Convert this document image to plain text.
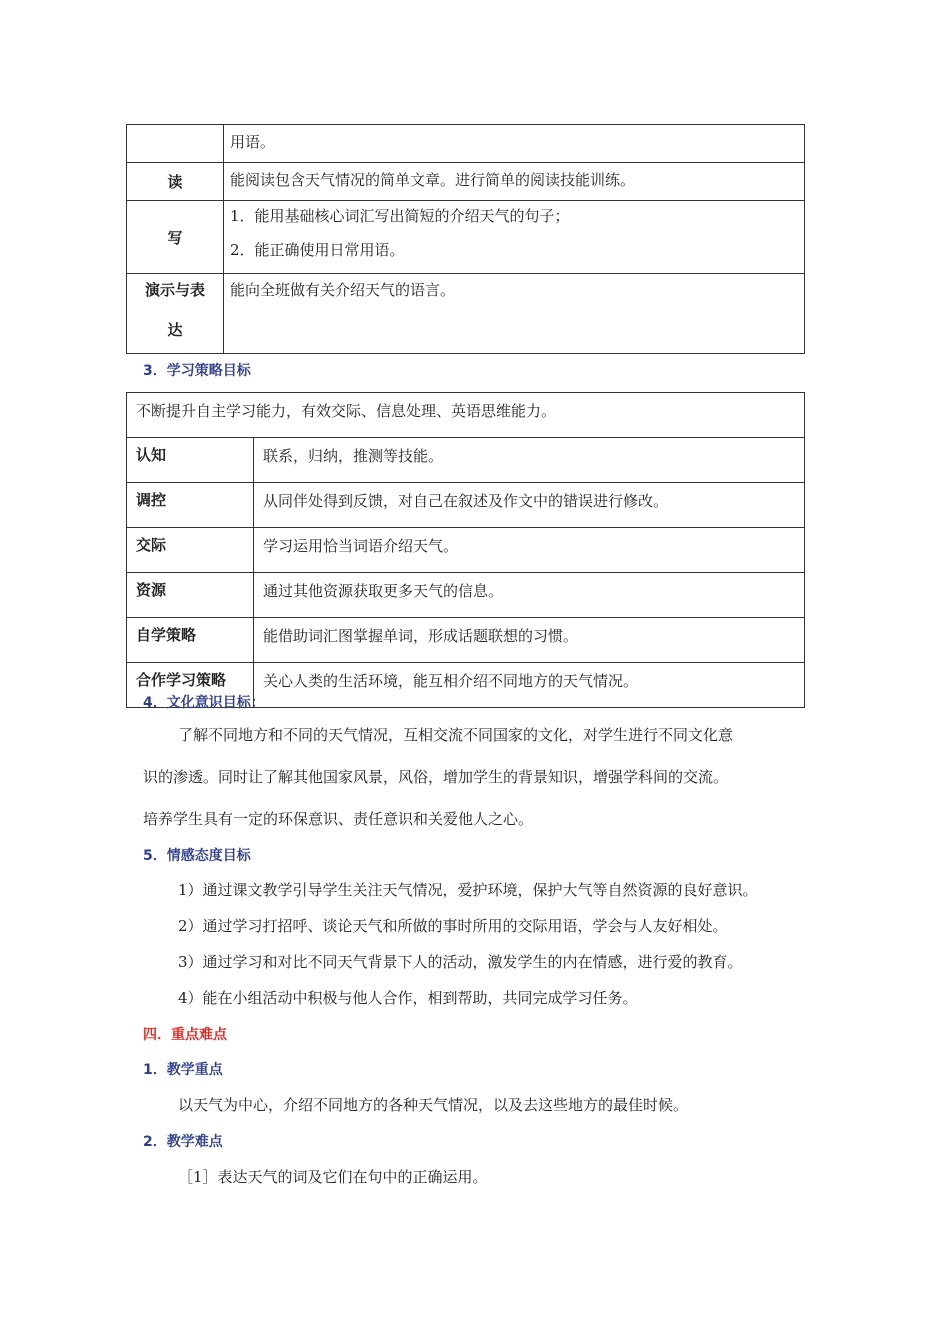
	用语。

读	能阅读包含天气情况的简单文章。进行简单的阅读技能训练。

写	1．能用基础核心词汇写出简短的介绍天气的句子；
2．能正确使用日常用语。

演示与表
达	能向全班做有关介绍天气的语言。
3．学习策略目标
不断提升自主学习能力，有效交际、信息处理、英语思维能力。	
认知	联系，归纳，推测等技能。
调控	从同伴处得到反馈，对自己在叙述及作文中的错误进行修改。
交际	学习运用恰当词语介绍天气。
资源	通过其他资源获取更多天气的信息。
自学策略	能借助词汇图掌握单词，形成话题联想的习惯。
合作学习策略	关心人类的生活环境，能互相介绍不同地方的天气情况。
4．文化意识目标：
了解不同地方和不同的天气情况，互相交流不同国家的文化，对学生进行不同文化意
识的渗透。同时让了解其他国家风景，风俗，增加学生的背景知识，增强学科间的交流。
培养学生具有一定的环保意识、责任意识和关爱他人之心。
5．情感态度目标
1）通过课文教学引导学生关注天气情况，爱护环境，保护大气等自然资源的良好意识。
2）通过学习打招呼、谈论天气和所做的事时所用的交际用语，学会与人友好相处。
3）通过学习和对比不同天气背景下人的活动，激发学生的内在情感，进行爱的教育。
4）能在小组活动中积极与他人合作，相到帮助，共同完成学习任务。
四．重点难点
1．教学重点
以天气为中心，介绍不同地方的各种天气情况，以及去这些地方的最佳时候。
2．教学难点
［1］表达天气的词及它们在句中的正确运用。
